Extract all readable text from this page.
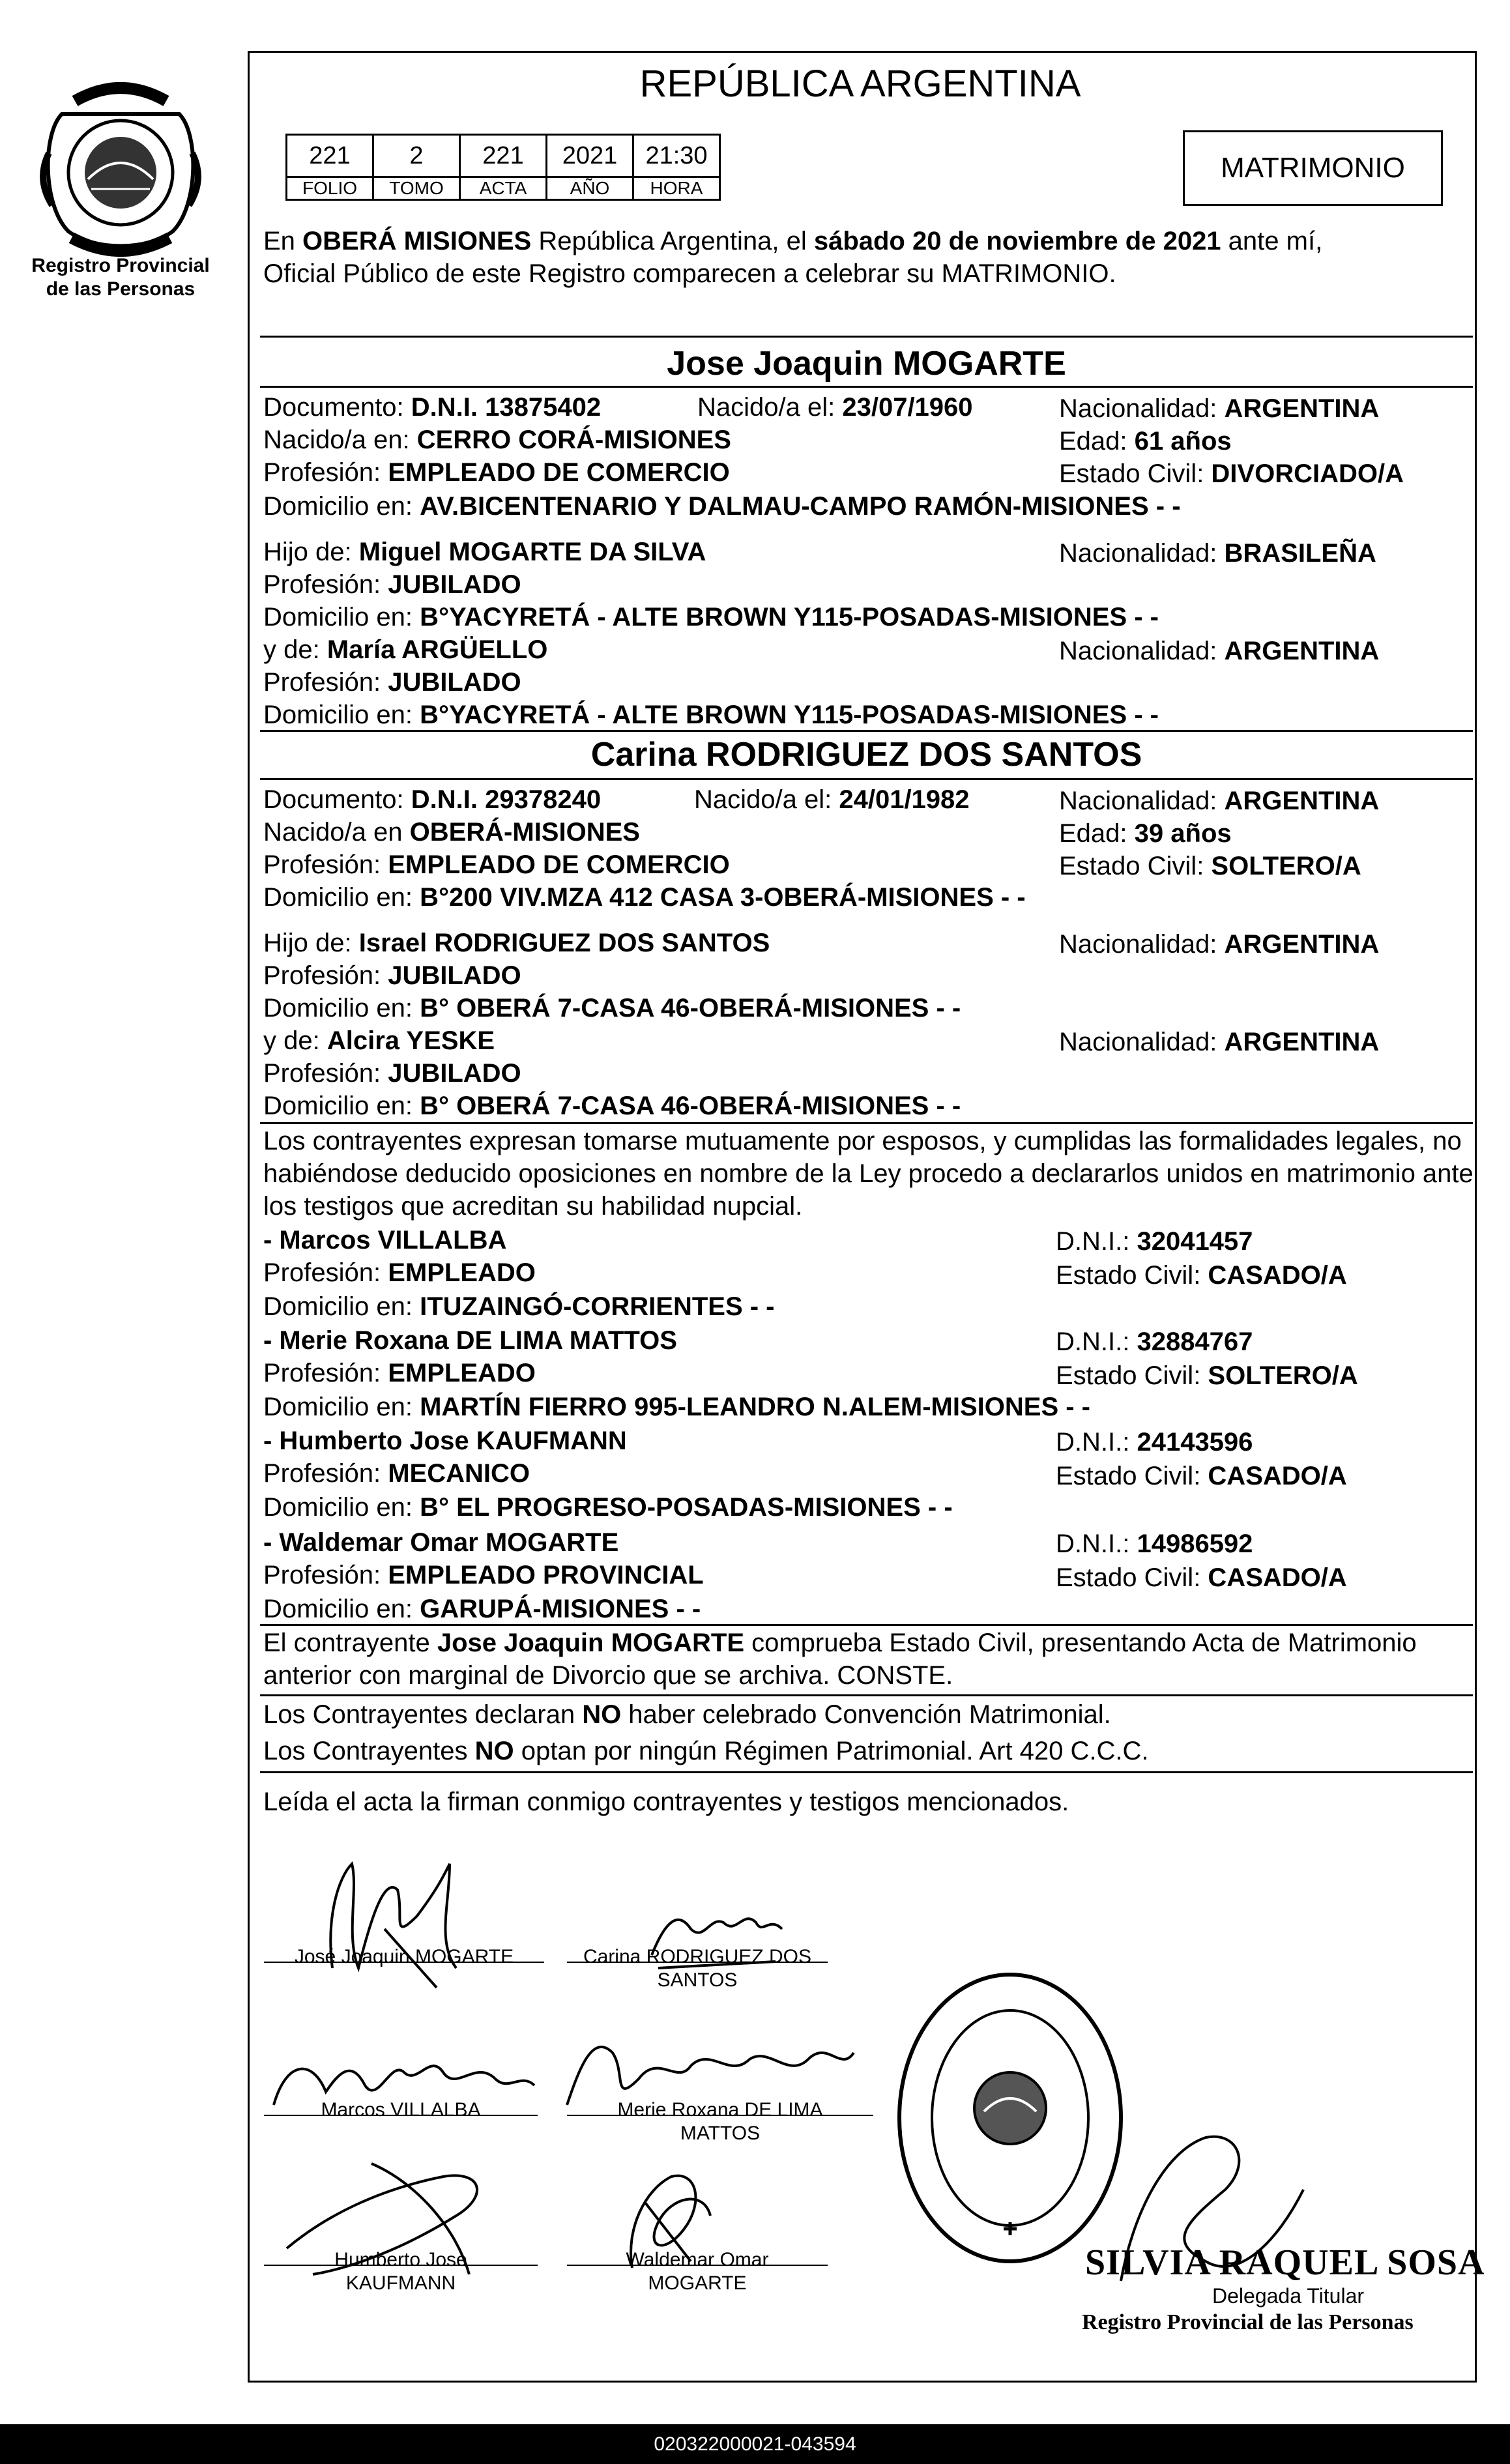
Registro Provincial
de las Personas
REPÚBLICA ARGENTINA
221	2	221	2021	21:30
FOLIO	TOMO	ACTA	AÑO	HORA
MATRIMONIO
En OBERÁ MISIONES República Argentina, el sábado 20 de noviembre de 2021 ante mí,
Oficial Público de este Registro comparecen a celebrar su MATRIMONIO.
Jose Joaquin MOGARTE
Documento: D.N.I. 13875402	Nacido/a el: 23/07/1960	Nacionalidad: ARGENTINA
Nacido/a en: CERRO CORÁ-MISIONES	Edad: 61 años
Profesión: EMPLEADO DE COMERCIO	Estado Civil: DIVORCIADO/A
Domicilio en: AV.BICENTENARIO Y DALMAU-CAMPO RAMÓN-MISIONES - -
Hijo de: Miguel MOGARTE DA SILVA	Nacionalidad: BRASILEÑA
Profesión: JUBILADO
Domicilio en: B°YACYRETÁ - ALTE BROWN Y115-POSADAS-MISIONES - -
y de: María ARGÜELLO	Nacionalidad: ARGENTINA
Profesión: JUBILADO
Domicilio en: B°YACYRETÁ - ALTE BROWN Y115-POSADAS-MISIONES - -
Carina RODRIGUEZ DOS SANTOS
Documento: D.N.I. 29378240	Nacido/a el: 24/01/1982	Nacionalidad: ARGENTINA
Nacido/a en OBERÁ-MISIONES	Edad: 39 años
Profesión: EMPLEADO DE COMERCIO	Estado Civil: SOLTERO/A
Domicilio en: B°200 VIV.MZA 412 CASA 3-OBERÁ-MISIONES - -
Hijo de: Israel RODRIGUEZ DOS SANTOS	Nacionalidad: ARGENTINA
Profesión: JUBILADO
Domicilio en: B° OBERÁ 7-CASA 46-OBERÁ-MISIONES - -
y de: Alcira YESKE	Nacionalidad: ARGENTINA
Profesión: JUBILADO
Domicilio en: B° OBERÁ 7-CASA 46-OBERÁ-MISIONES - -
Los contrayentes expresan tomarse mutuamente por esposos, y cumplidas las formalidades legales, no
habiéndose deducido oposiciones en nombre de la Ley procedo a declararlos unidos en matrimonio ante
los testigos que acreditan su habilidad nupcial.
- Marcos VILLALBA	D.N.I.: 32041457
Profesión: EMPLEADO	Estado Civil: CASADO/A
Domicilio en: ITUZAINGÓ-CORRIENTES - -
- Merie Roxana DE LIMA MATTOS	D.N.I.: 32884767
Profesión: EMPLEADO	Estado Civil: SOLTERO/A
Domicilio en: MARTÍN FIERRO 995-LEANDRO N.ALEM-MISIONES - -
- Humberto Jose KAUFMANN	D.N.I.: 24143596
Profesión: MECANICO	Estado Civil: CASADO/A
Domicilio en: B° EL PROGRESO-POSADAS-MISIONES - -
- Waldemar Omar MOGARTE	D.N.I.: 14986592
Profesión: EMPLEADO PROVINCIAL	Estado Civil: CASADO/A
Domicilio en: GARUPÁ-MISIONES - -
El contrayente Jose Joaquin MOGARTE comprueba Estado Civil, presentando Acta de Matrimonio
anterior con marginal de Divorcio que se archiva. CONSTE.
Los Contrayentes declaran NO haber celebrado Convención Matrimonial.
Los Contrayentes NO optan por ningún Régimen Patrimonial. Art 420 C.C.C.
Leída el acta la firman conmigo contrayentes y testigos mencionados.
José Joaquin MOGARTE	Carina RODRIGUEZ DOS
SANTOS
Marcos VILLALBA	Merie Roxana DE LIMA
MATTOS
Humberto Jose
KAUFMANN
Waldemar Omar
MOGARTE
SILVIA RAQUEL SOSA
Delegada Titular
Registro Provincial de las Personas
020322000021-043594
